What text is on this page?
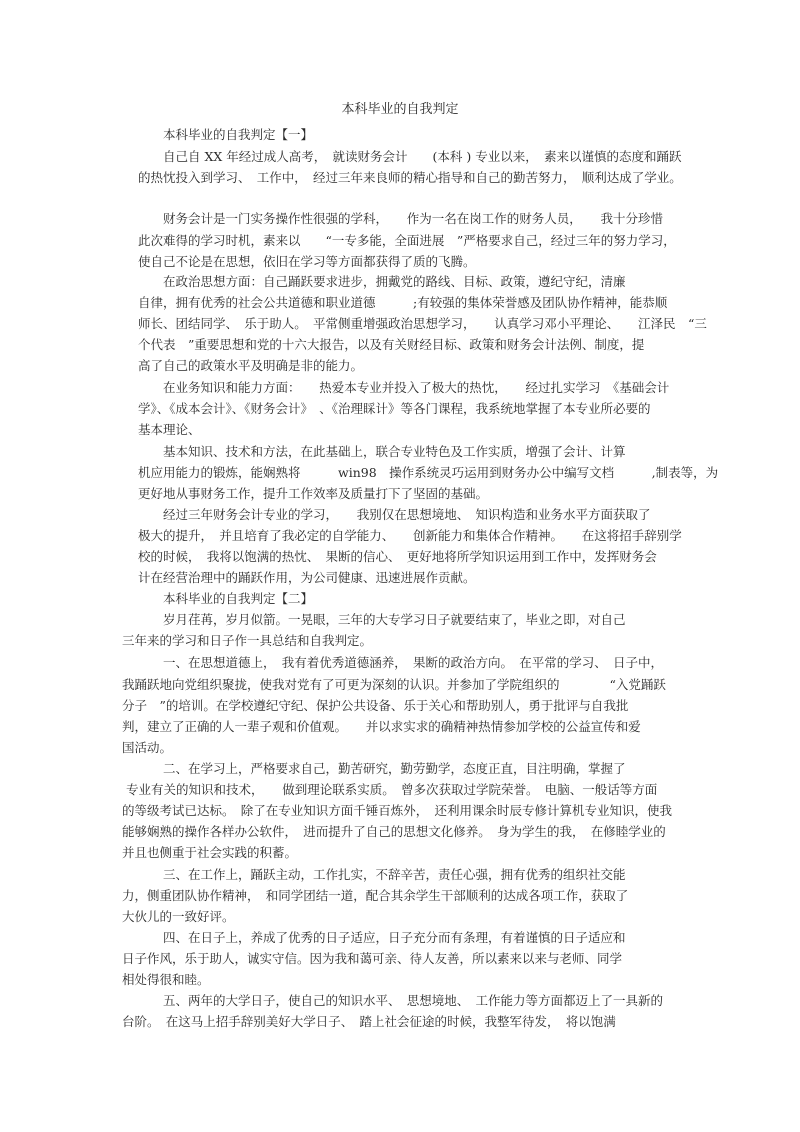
本科毕业的自我判定
本科毕业的自我判定【一】
自己自 XX 年经过成人高考，　就读财务会计　　(本科 ) 专业以来，　素来以谨慎的态度和踊跃
的热忱投入到学习、　工作中，　经过三年来良师的精心指导和自己的勤苦努力，　顺利达成了学业。
财务会计是一门实务操作性很强的学科，　　作为一名在岗工作的财务人员，　　我十分珍惜
此次难得的学习时机，素来以　　“一专多能，全面进展　”严格要求自己，经过三年的努力学习，
使自己不论是在思想，依旧在学习等方面都获得了质的飞腾。
在政治思想方面：自己踊跃要求进步，拥戴党的路线、目标、政策，遵纪守纪，清廉
自律，拥有优秀的社会公共道德和职业道德　　　;有较强的集体荣誉感及团队协作精神，能恭顺
师长、团结同学、　乐于助人。　平常侧重增强政治思想学习，　　认真学习邓小平理论、　　江泽民　“三
个代表　”重要思想和党的十六大报告，以及有关财经目标、政策和财务会计法例、制度，提
高了自己的政策水平及明确是非的能力。
在业务知识和能力方面：　　热爱本专业并投入了极大的热忱，　　经过扎实学习　《基础会计
学》、《成本会计》、《财务会计》　、《治理睬计》等各门课程，我系统地掌握了本专业所必要的
基本理论、
基本知识、技术和方法，在此基础上，联合专业特色及工作实质，增强了会计、计算
机应用能力的锻炼，能娴熟将　　　win98　操作系统灵巧运用到财务办公中编写文档　　　,制表等，为
更好地从事财务工作，提升工作效率及质量打下了坚固的基础。
经过三年财务会计专业的学习，　　我别仅在思想境地、　知识构造和业务水平方面获取了
极大的提升，　并且培育了我必定的自学能力、　　创新能力和集体合作精神。　　在这将招手辞别学
校的时候，　我将以饱满的热忱、　果断的信心、　更好地将所学知识运用到工作中，发挥财务会
计在经营治理中的踊跃作用，为公司健康、迅速进展作贡献。
本科毕业的自我判定【二】
岁月荏苒，岁月似箭。一晃眼，三年的大专学习日子就要结束了，毕业之即，对自己
三年来的学习和日子作一具总结和自我判定。
一、在思想道德上，　我有着优秀道德涵养，　果断的政治方向。　在平常的学习、　日子中，
我踊跃地向党组织聚拢，使我对党有了可更为深刻的认识。并参加了学院组织的　　　　“入党踊跃
分子　”的培训。在学校遵纪守纪、保护公共设备、乐于关心和帮助别人，勇于批评与自我批
判，建立了正确的人一辈子观和价值观。　　并以求实求的确精神热情参加学校的公益宣传和爱
国活动。
二、在学习上，严格要求自己，勤苦研究，勤劳勤学，态度正直，目注明确，掌握了
专业有关的知识和技术，　　做到理论联系实质。　曾多次获取过学院荣誉。　电脑、一般话等方面
的等级考试已达标。　除了在专业知识方面千锤百炼外，　还利用课余时辰专修计算机专业知识，使我
能够娴熟的操作各样办公软件，　进而提升了自己的思想文化修养。　身为学生的我，　在修睦学业的
并且也侧重于社会实践的积蓄。
三、在工作上，踊跃主动，工作扎实，不辞辛苦，责任心强，拥有优秀的组织社交能
力，侧重团队协作精神，　和同学团结一道，配合其余学生干部顺利的达成各项工作，获取了
大伙儿的一致好评。
四、在日子上，养成了优秀的日子适应，日子充分而有条理，有着谨慎的日子适应和
日子作风，乐于助人，诚实守信。因为我和蔼可亲、待人友善，所以素来以来与老师、同学
相处得很和睦。
五、两年的大学日子，使自己的知识水平、　思想境地、　工作能力等方面都迈上了一具新的
台阶。　在这马上招手辞别美好大学日子、　踏上社会征途的时候，我整军待发，　将以饱满
